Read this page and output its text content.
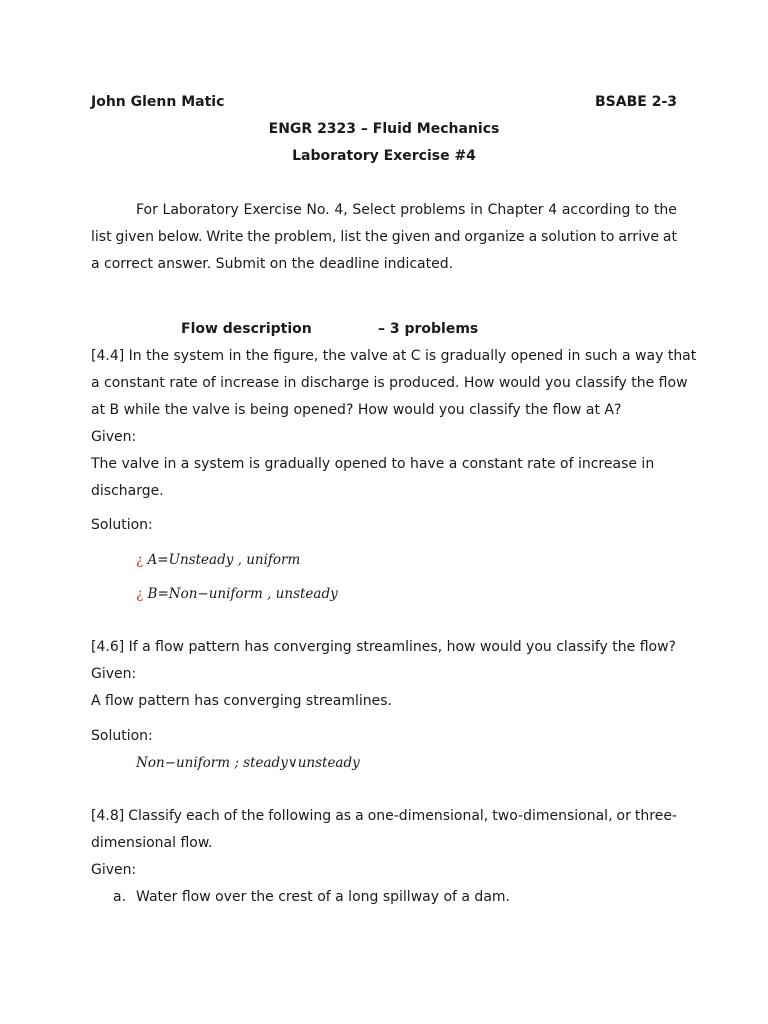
John Glenn Matic	BSABE 2-3
ENGR 2323 – Fluid Mechanics
Laboratory Exercise #4
For Laboratory Exercise No. 4, Select problems in Chapter 4 according to the
list given below. Write the problem, list the given and organize a solution to arrive at
a correct answer. Submit on the deadline indicated.
Flow description	– 3 problems
[4.4] In the system in the figure, the valve at C is gradually opened in such a way that
a constant rate of increase in discharge is produced. How would you classify the flow
at B while the valve is being opened? How would you classify the flow at A?
Given:
The valve in a system is gradually opened to have a constant rate of increase in
discharge.
Solution:
¿ A=Unsteady , uniform
¿ B=Non−uniform , unsteady
[4.6] If a flow pattern has converging streamlines, how would you classify the flow?
Given:
A flow pattern has converging streamlines.
Solution:
Non−uniform ; steady∨unsteady
[4.8] Classify each of the following as a one-dimensional, two-dimensional, or three-
dimensional flow.
Given:
a. Water flow over the crest of a long spillway of a dam.
